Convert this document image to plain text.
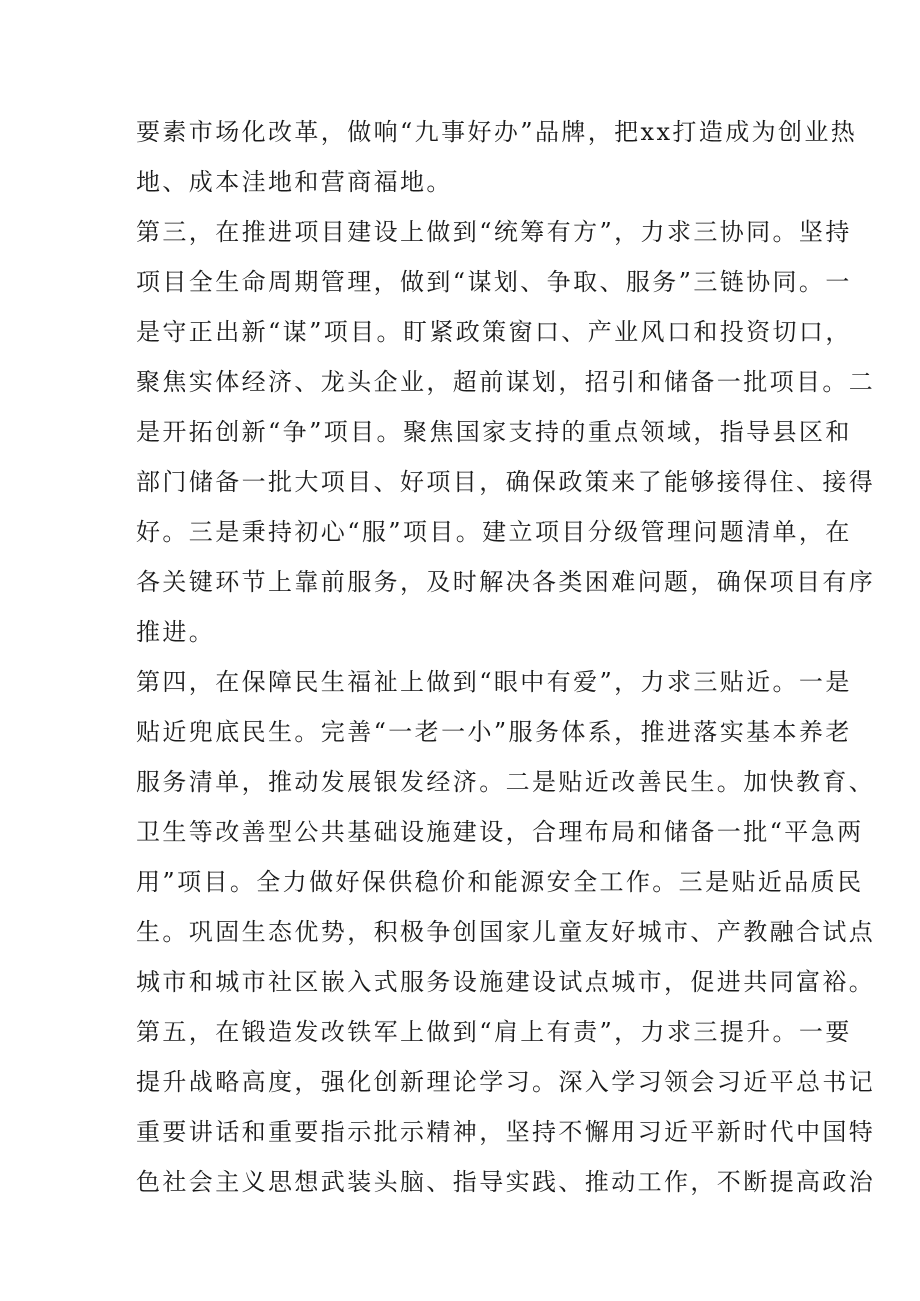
要素市场化改革，做响“九事好办”品牌，把xx打造成为创业热
地、成本洼地和营商福地。
第三，在推进项目建设上做到“统筹有方”，力求三协同。坚持
项目全生命周期管理，做到“谋划、争取、服务”三链协同。一
是守正出新“谋”项目。盯紧政策窗口、产业风口和投资切口，
聚焦实体经济、龙头企业，超前谋划，招引和储备一批项目。二
是开拓创新“争”项目。聚焦国家支持的重点领域，指导县区和
部门储备一批大项目、好项目，确保政策来了能够接得住、接得
好。三是秉持初心“服”项目。建立项目分级管理问题清单，在
各关键环节上靠前服务，及时解决各类困难问题，确保项目有序
推进。
第四，在保障民生福祉上做到“眼中有爱”，力求三贴近。一是
贴近兜底民生。完善“一老一小”服务体系，推进落实基本养老
服务清单，推动发展银发经济。二是贴近改善民生。加快教育、
卫生等改善型公共基础设施建设，合理布局和储备一批“平急两
用”项目。全力做好保供稳价和能源安全工作。三是贴近品质民
生。巩固生态优势，积极争创国家儿童友好城市、产教融合试点
城市和城市社区嵌入式服务设施建设试点城市，促进共同富裕。
第五，在锻造发改铁军上做到“肩上有责”，力求三提升。一要
提升战略高度，强化创新理论学习。深入学习领会习近平总书记
重要讲话和重要指示批示精神，坚持不懈用习近平新时代中国特
色社会主义思想武装头脑、指导实践、推动工作，不断提高政治
